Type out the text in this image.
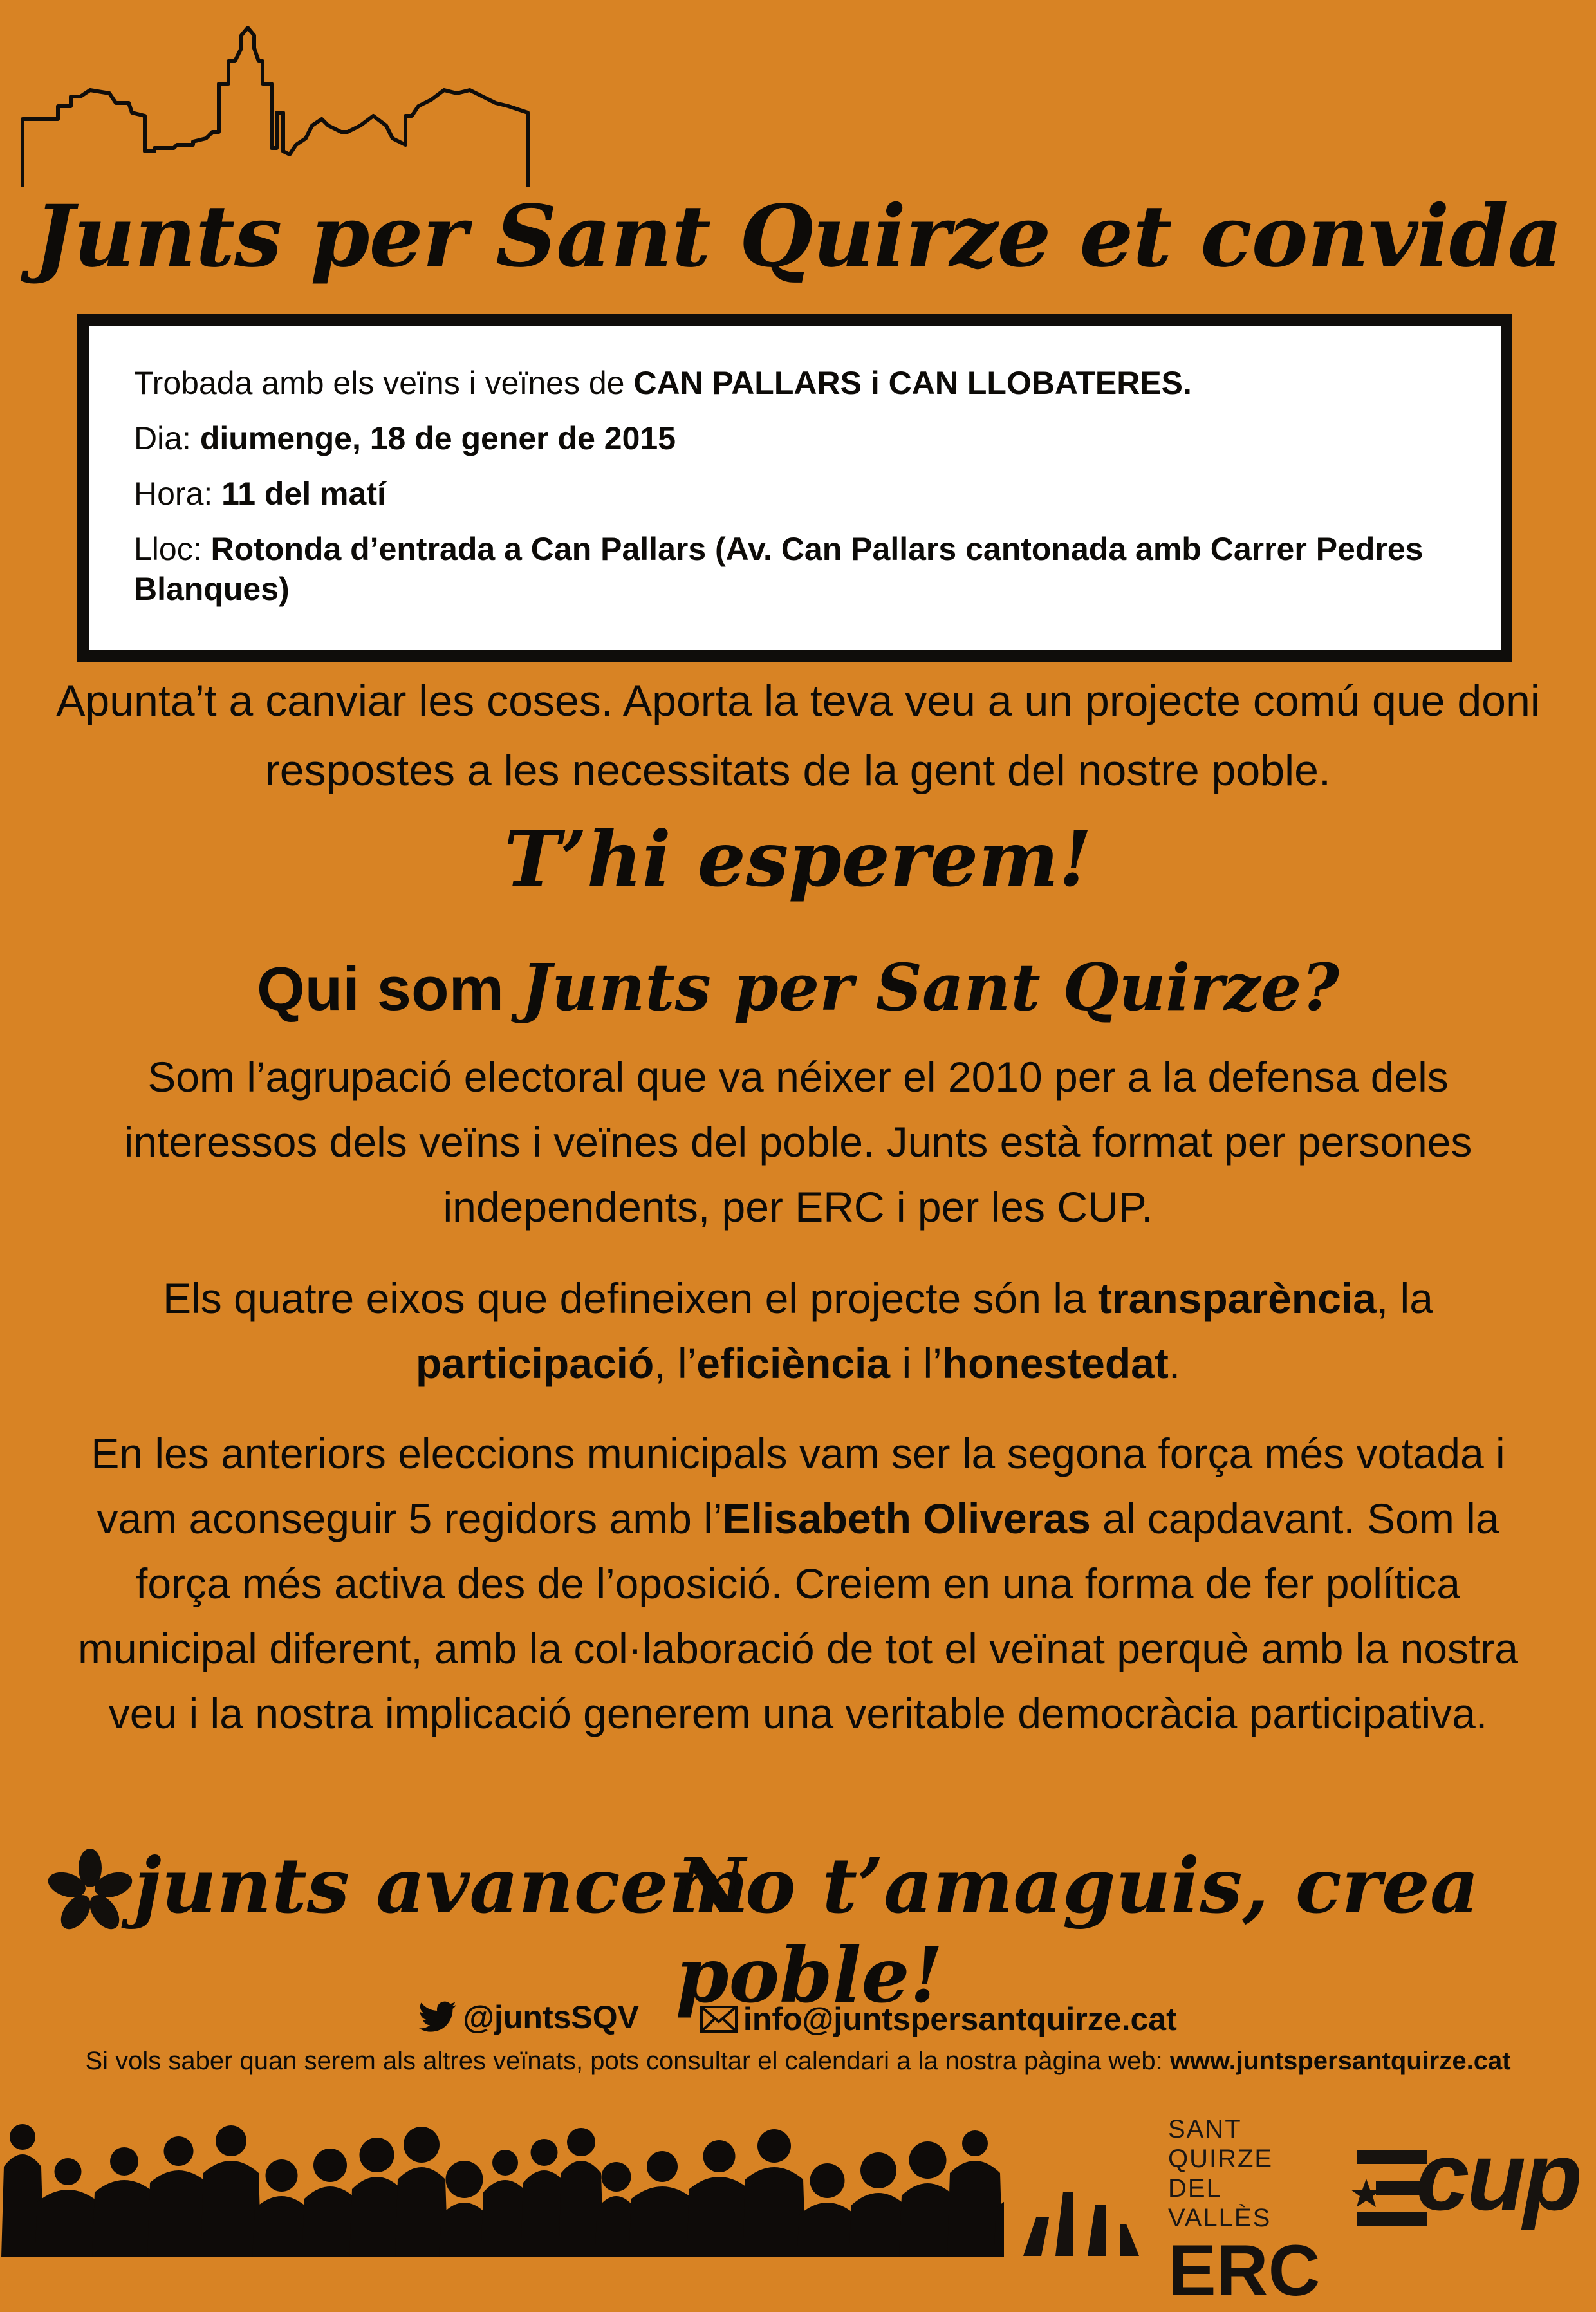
Junts per Sant Quirze et convida
Trobada amb els veïns i veïnes de CAN PALLARS i CAN LLOBATERES.
Dia: diumenge, 18 de gener de 2015
Hora: 11 del matí
Lloc: Rotonda d’entrada a Can Pallars (Av. Can Pallars cantonada amb Carrer Pedres Blanques)
Apunta’t a canviar les coses. Aporta la teva veu a un projecte comú que doni respostes a les necessitats de la gent del nostre poble.
T’hi esperem!
Qui som Junts per Sant Quirze?
Som l’agrupació electoral que va néixer el 2010 per a la defensa dels interessos dels veïns i veïnes del poble. Junts està format per persones independents, per ERC i per les CUP.
Els quatre eixos que defineixen el projecte són la transparència, la participació, l’eficiència i l’honestedat.
En les anteriors eleccions municipals vam ser la segona força més votada i vam aconseguir 5 regidors amb l’Elisabeth Oliveras al capdavant. Som la força més activa des de l’oposició. Creiem en una forma de fer política municipal diferent, amb la col·laboració de tot el veïnat perquè amb la nostra veu i la nostra implicació generem una veritable democràcia participativa.
junts avancem
No t’amaguis, crea poble!
@juntsSQV
	info@juntspersantquirze.cat
Si vols saber quan serem als altres veïnats, pots consultar el calendari a la nostra pàgina web: www.juntspersantquirze.cat
SANT QUIRZE
DEL VALLÈS
ERC
cup
